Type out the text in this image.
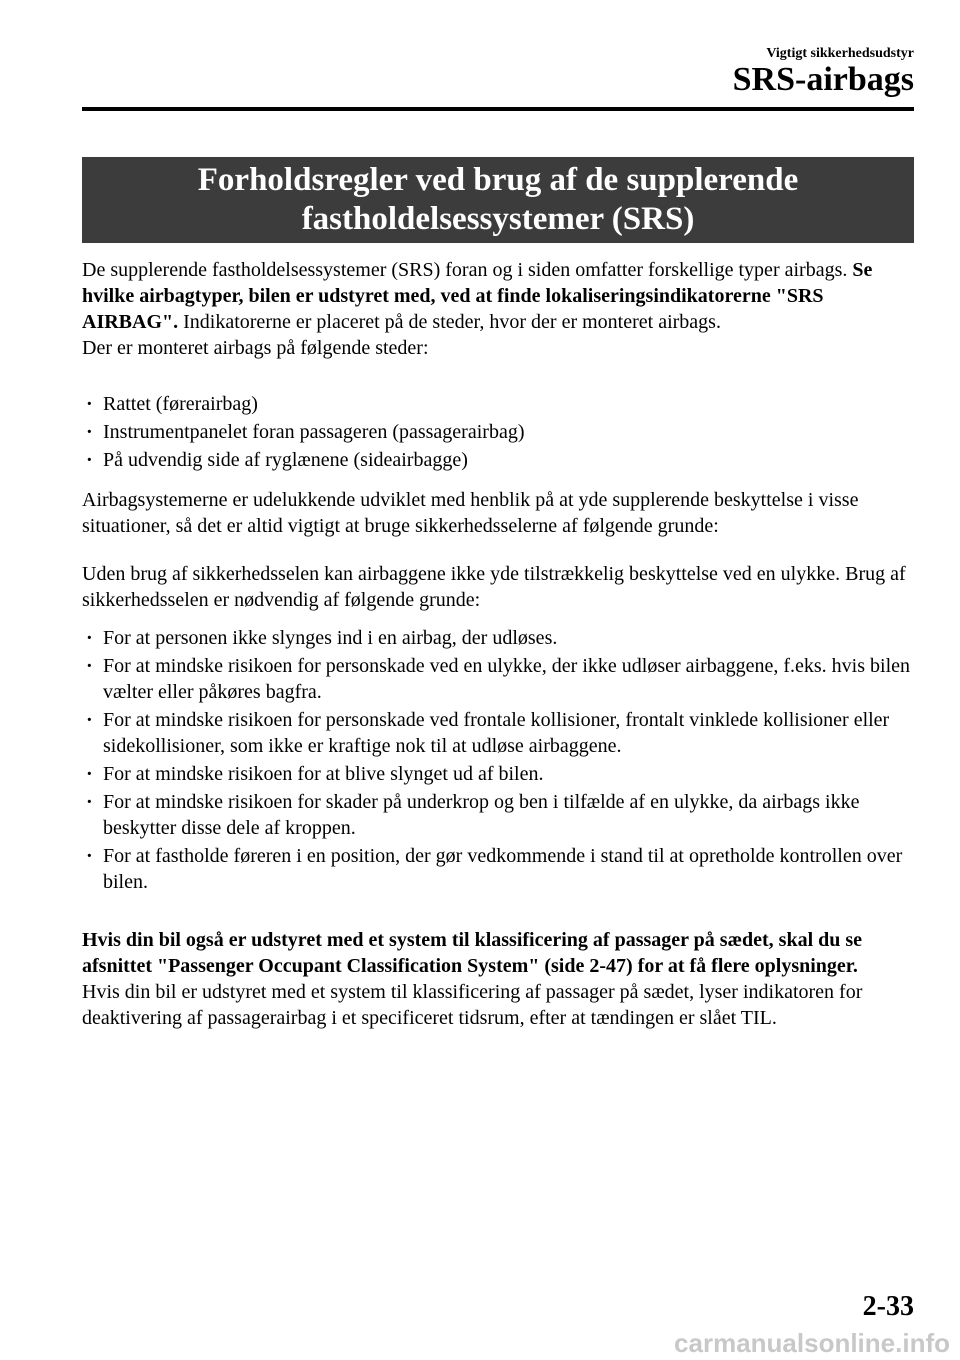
Vigtigt sikkerhedsudstyr
SRS-airbags
Forholdsregler ved brug af de supplerende
fastholdelsessystemer (SRS)

De supplerende fastholdelsessystemer (SRS) foran og i siden omfatter forskellige typer airbags. Se hvilke airbagtyper, bilen er udstyret med, ved at finde lokaliseringsindikatorerne "SRS AIRBAG". Indikatorerne er placeret på de steder, hvor der er monteret airbags.

Der er monteret airbags på følgende steder:

· Rattet (førerairbag)
· Instrumentpanelet foran passageren (passagerairbag)
· På udvendig side af ryglænene (sideairbagge)

Airbagsystemerne er udelukkende udviklet med henblik på at yde supplerende beskyttelse i visse situationer, så det er altid vigtigt at bruge sikkerhedsselerne af følgende grunde:

Uden brug af sikkerhedsselen kan airbaggene ikke yde tilstrækkelig beskyttelse ved en ulykke. Brug af sikkerhedsselen er nødvendig af følgende grunde:

· For at personen ikke slynges ind i en airbag, der udløses.
· For at mindske risikoen for personskade ved en ulykke, der ikke udløser airbaggene, f.eks. hvis bilen vælter eller påkøres bagfra.
· For at mindske risikoen for personskade ved frontale kollisioner, frontalt vinklede kollisioner eller sidekollisioner, som ikke er kraftige nok til at udløse airbaggene.
· For at mindske risikoen for at blive slynget ud af bilen.
· For at mindske risikoen for skader på underkrop og ben i tilfælde af en ulykke, da airbags ikke beskytter disse dele af kroppen.
· For at fastholde føreren i en position, der gør vedkommende i stand til at opretholde kontrollen over bilen.

Hvis din bil også er udstyret med et system til klassificering af passager på sædet, skal du se afsnittet "Passenger Occupant Classification System" (side 2-47) for at få flere oplysninger.

Hvis din bil er udstyret med et system til klassificering af passager på sædet, lyser indikatoren for deaktivering af passagerairbag i et specificeret tidsrum, efter at tændingen er slået TIL.

2-33
carmanualsonline.info
